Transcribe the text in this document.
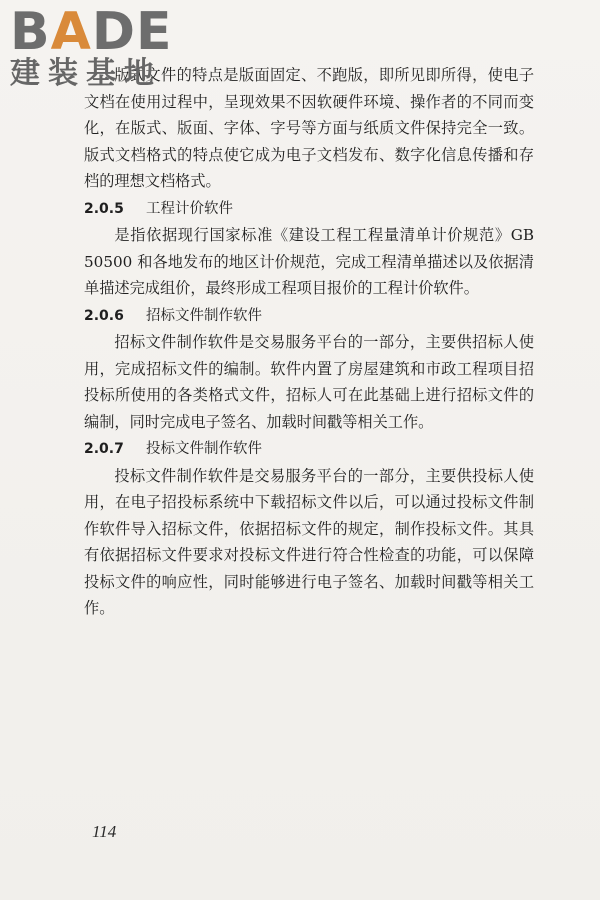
BADE
建装基地

版式文件的特点是版面固定、不跑版，即所见即所得，使电子文档在使用过程中，呈现效果不因软硬件环境、操作者的不同而变化，在版式、版面、字体、字号等方面与纸质文件保持完全一致。版式文档格式的特点使它成为电子文档发布、数字化信息传播和存档的理想文档格式。

2.0.5 工程计价软件

是指依据现行国家标准《建设工程工程量清单计价规范》GB 50500 和各地发布的地区计价规范，完成工程清单描述以及依据清单描述完成组价，最终形成工程项目报价的工程计价软件。

2.0.6 招标文件制作软件

招标文件制作软件是交易服务平台的一部分，主要供招标人使用，完成招标文件的编制。软件内置了房屋建筑和市政工程项目招投标所使用的各类格式文件，招标人可在此基础上进行招标文件的编制，同时完成电子签名、加载时间戳等相关工作。

2.0.7 投标文件制作软件

投标文件制作软件是交易服务平台的一部分，主要供投标人使用，在电子招投标系统中下载招标文件以后，可以通过投标文件制作软件导入招标文件，依据招标文件的规定，制作投标文件。其具有依据招标文件要求对投标文件进行符合性检查的功能，可以保障投标文件的响应性，同时能够进行电子签名、加载时间戳等相关工作。

114
